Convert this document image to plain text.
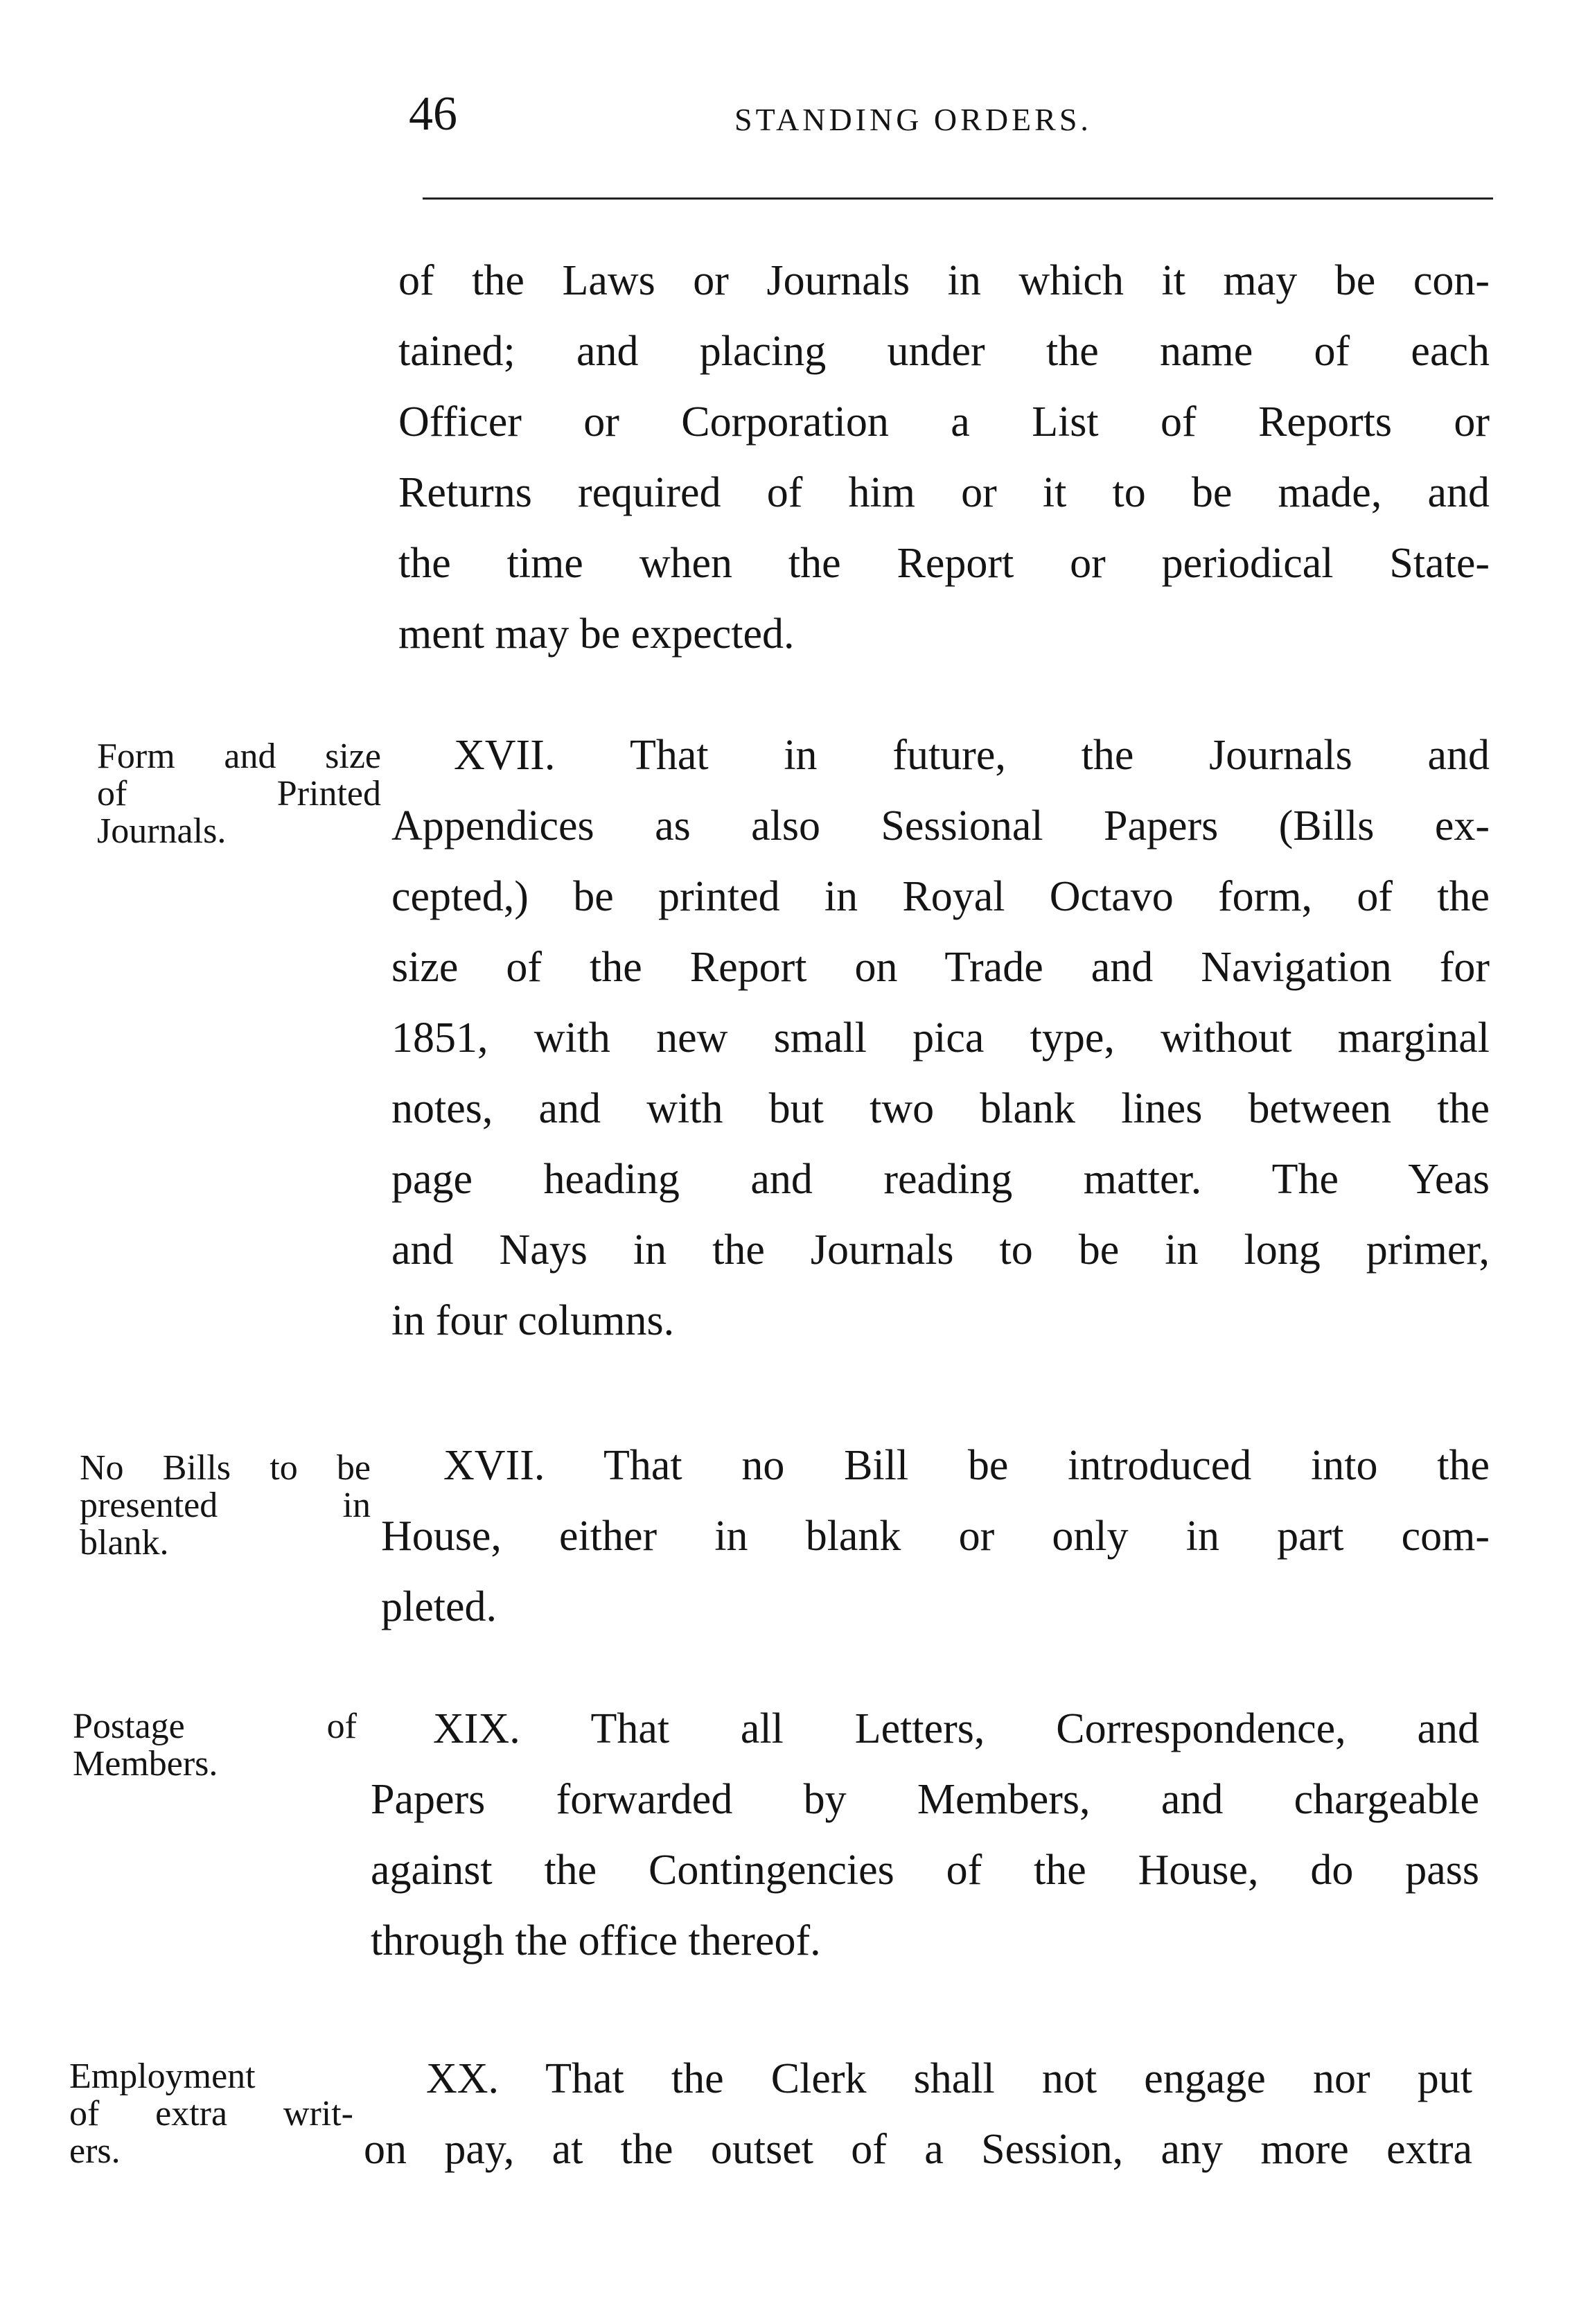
46	STANDING ORDERS.
of the Laws or Journals in which it may be con-
tained; and placing under the name of each
Officer or Corporation a List of Reports or
Returns required of him or it to be made, and
the time when the Report or periodical State-
ment may be expected.
Form and size
of Printed
Journals.
XVII. That in future, the Journals and
Appendices as also Sessional Papers (Bills ex-
cepted,) be printed in Royal Octavo form, of the
size of the Report on Trade and Navigation for
1851, with new small pica type, without marginal
notes, and with but two blank lines between the
page heading and reading matter. The Yeas
and Nays in the Journals to be in long primer,
in four columns.
No Bills to be
presented in
blank.
XVII. That no Bill be introduced into the
House, either in blank or only in part com-
pleted.
Postage of
Members.
XIX. That all Letters, Correspondence, and
Papers forwarded by Members, and chargeable
against the Contingencies of the House, do pass
through the office thereof.
Employment
of extra writ-
ers.
XX. That the Clerk shall not engage nor put
on pay, at the outset of a Session, any more extra
